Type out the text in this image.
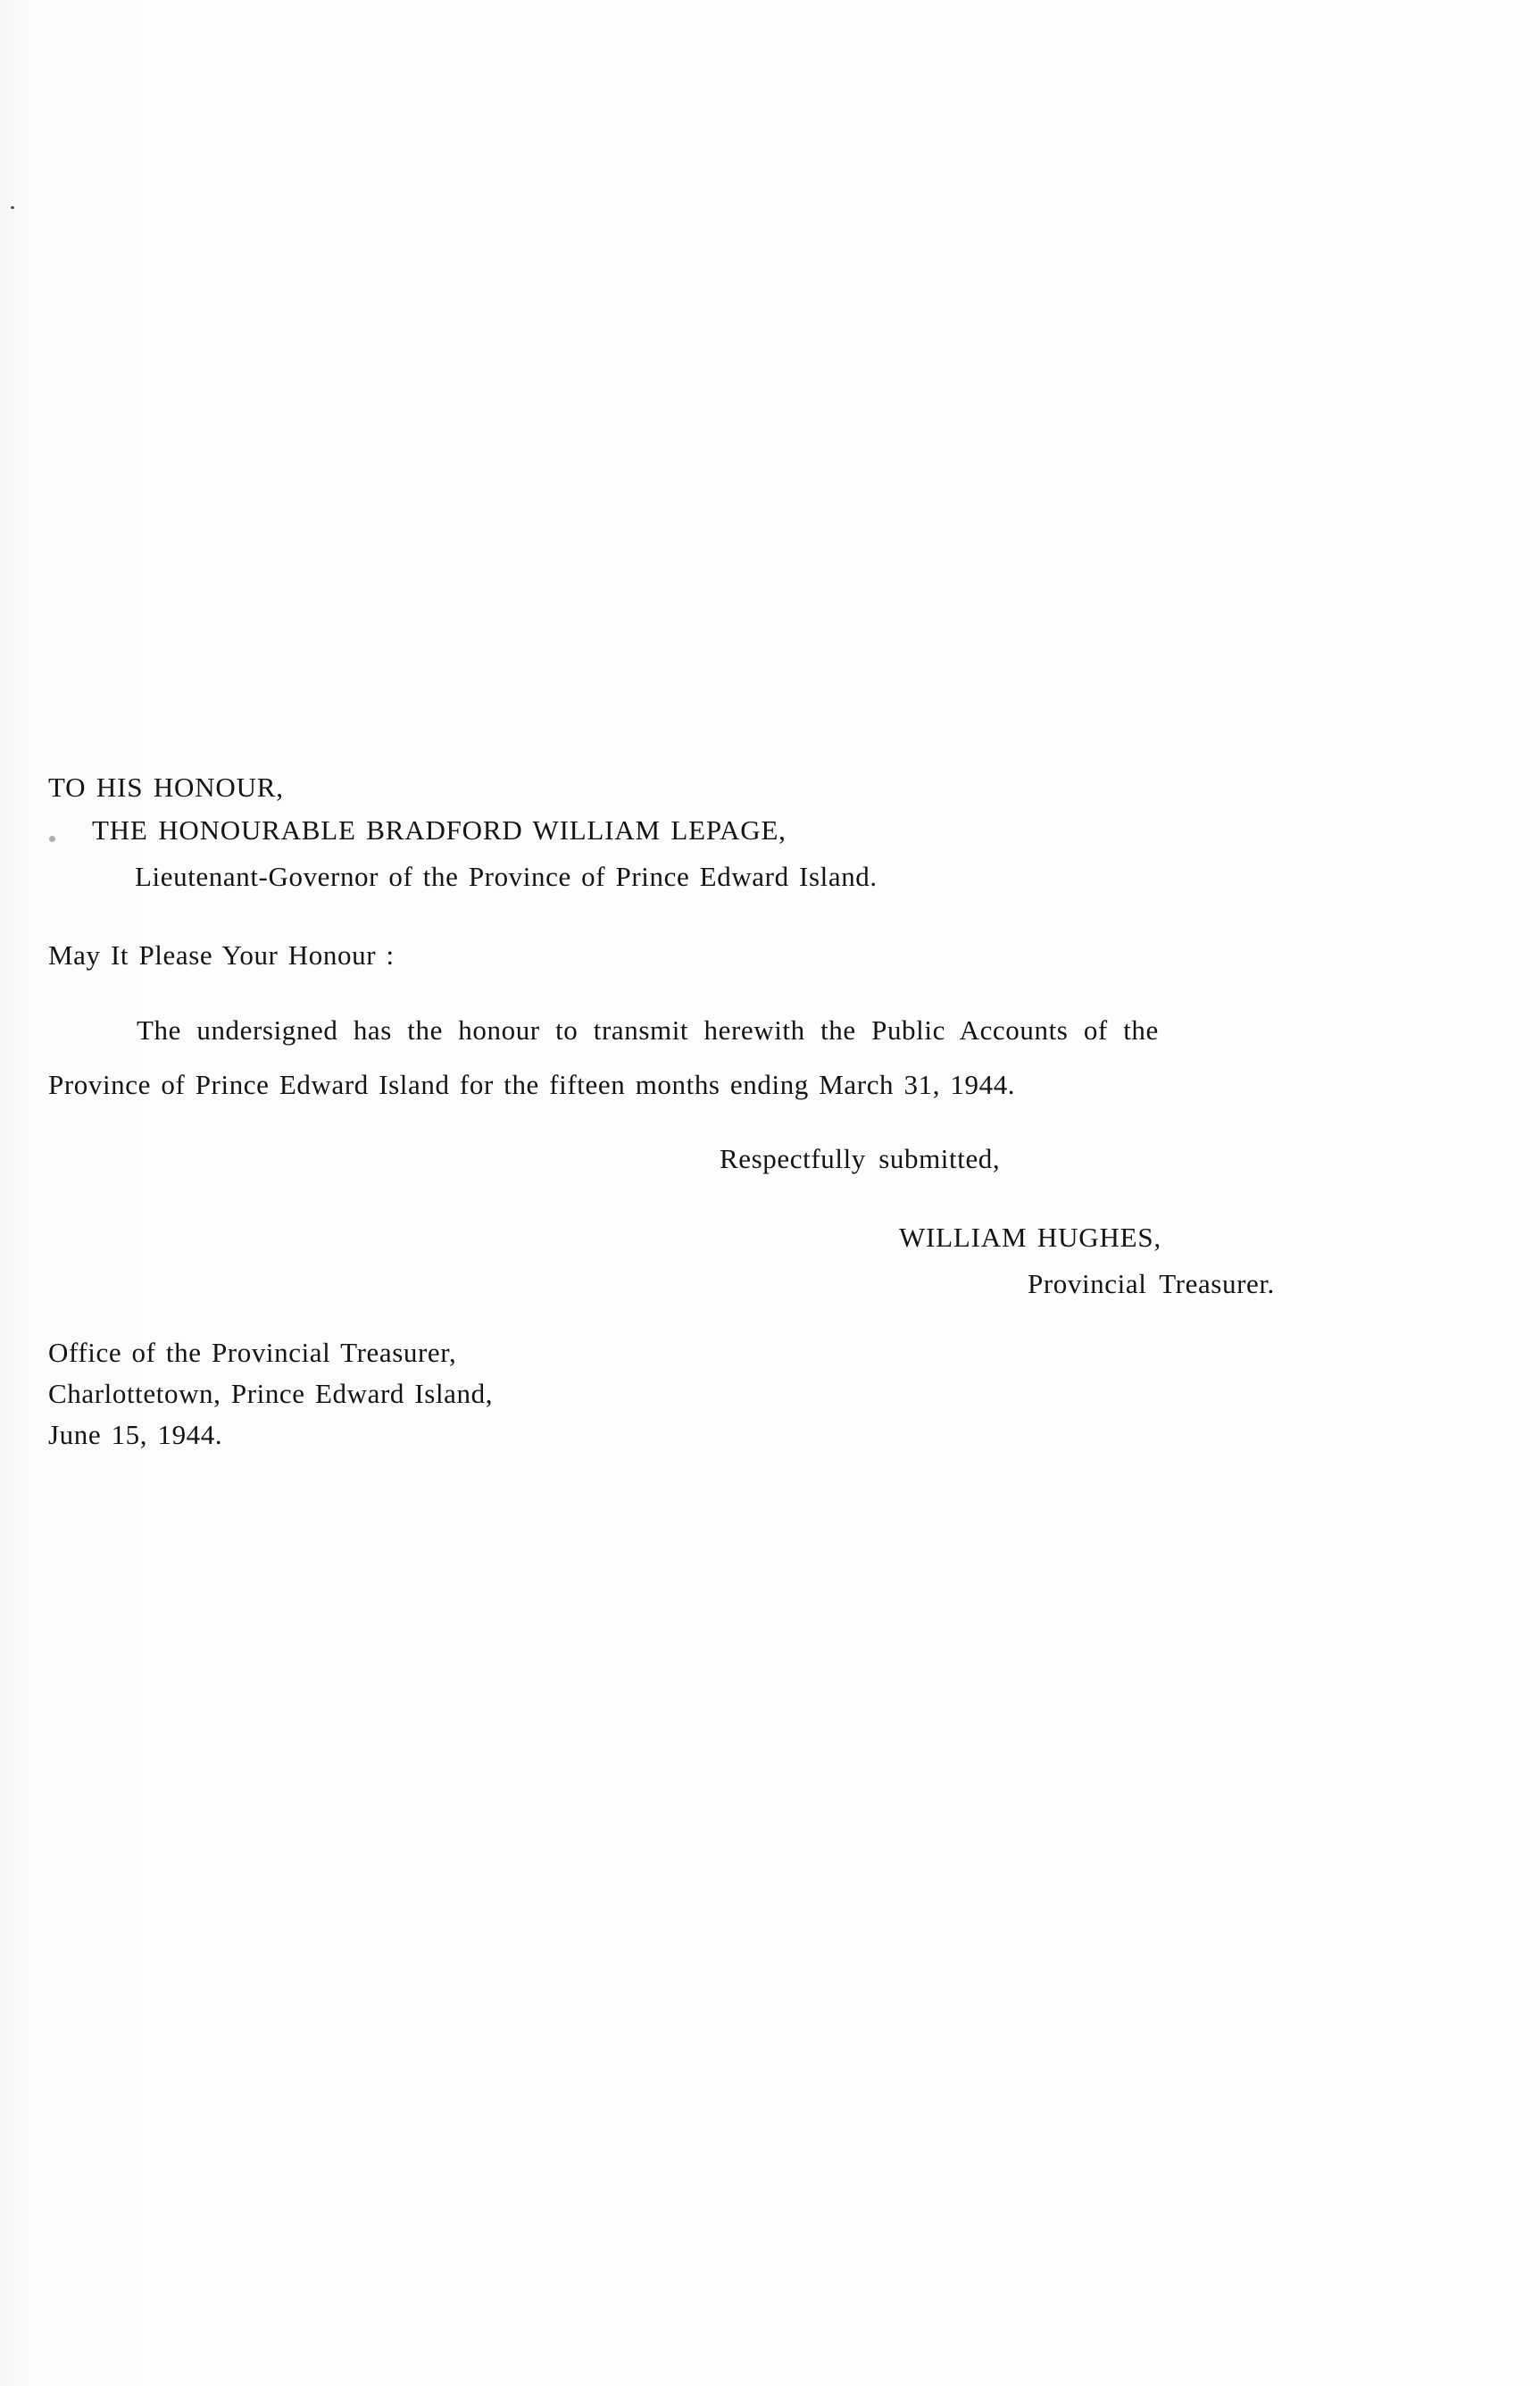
TO HIS HONOUR,
THE HONOURABLE BRADFORD WILLIAM LEPAGE,
Lieutenant-Governor of the Province of Prince Edward Island.
May It Please Your Honour :
The undersigned has the honour to transmit herewith the Public Accounts of the
Province of Prince Edward Island for the fifteen months ending March 31, 1944.
Respectfully submitted,
WILLIAM HUGHES,
Provincial Treasurer.
Office of the Provincial Treasurer,
Charlottetown, Prince Edward Island,
June 15, 1944.
